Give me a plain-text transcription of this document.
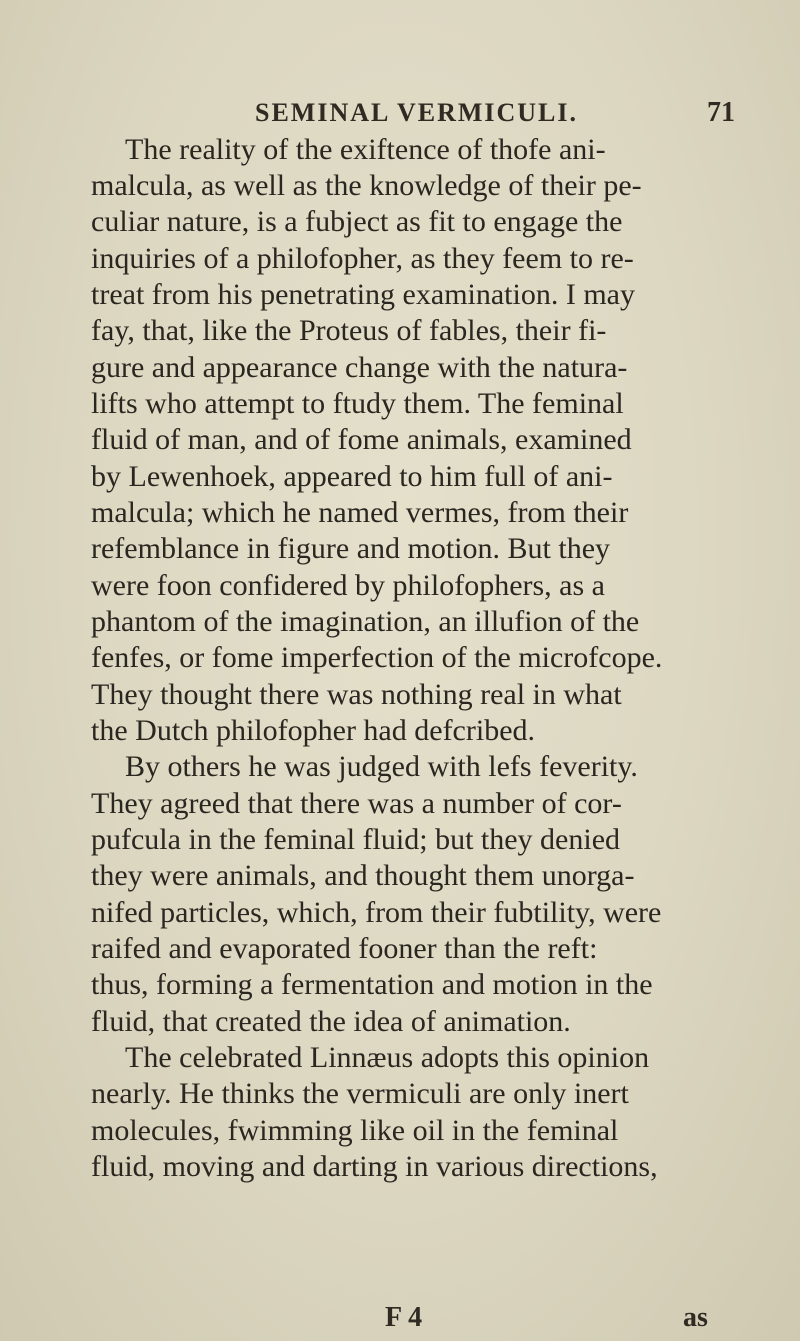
SEMINAL VERMICULI.	71
The reality of the exiftence of thofe ani-
malcula, as well as the knowledge of their pe-
culiar nature, is a fubject as fit to engage the
inquiries of a philofopher, as they feem to re-
treat from his penetrating examination. I may
fay, that, like the Proteus of fables, their fi-
gure and appearance change with the natura-
lifts who attempt to ftudy them. The feminal
fluid of man, and of fome animals, examined
by Lewenhoek, appeared to him full of ani-
malcula; which he named vermes, from their
refemblance in figure and motion. But they
were foon confidered by philofophers, as a
phantom of the imagination, an illufion of the
fenfes, or fome imperfection of the microfcope.
They thought there was nothing real in what
the Dutch philofopher had defcribed.
By others he was judged with lefs feverity.
They agreed that there was a number of cor-
pufcula in the feminal fluid; but they denied
they were animals, and thought them unorga-
nifed particles, which, from their fubtility, were
raifed and evaporated fooner than the reft:
thus, forming a fermentation and motion in the
fluid, that created the idea of animation.
The celebrated Linnæus adopts this opinion
nearly. He thinks the vermiculi are only inert
molecules, fwimming like oil in the feminal
fluid, moving and darting in various directions,
F 4	as
